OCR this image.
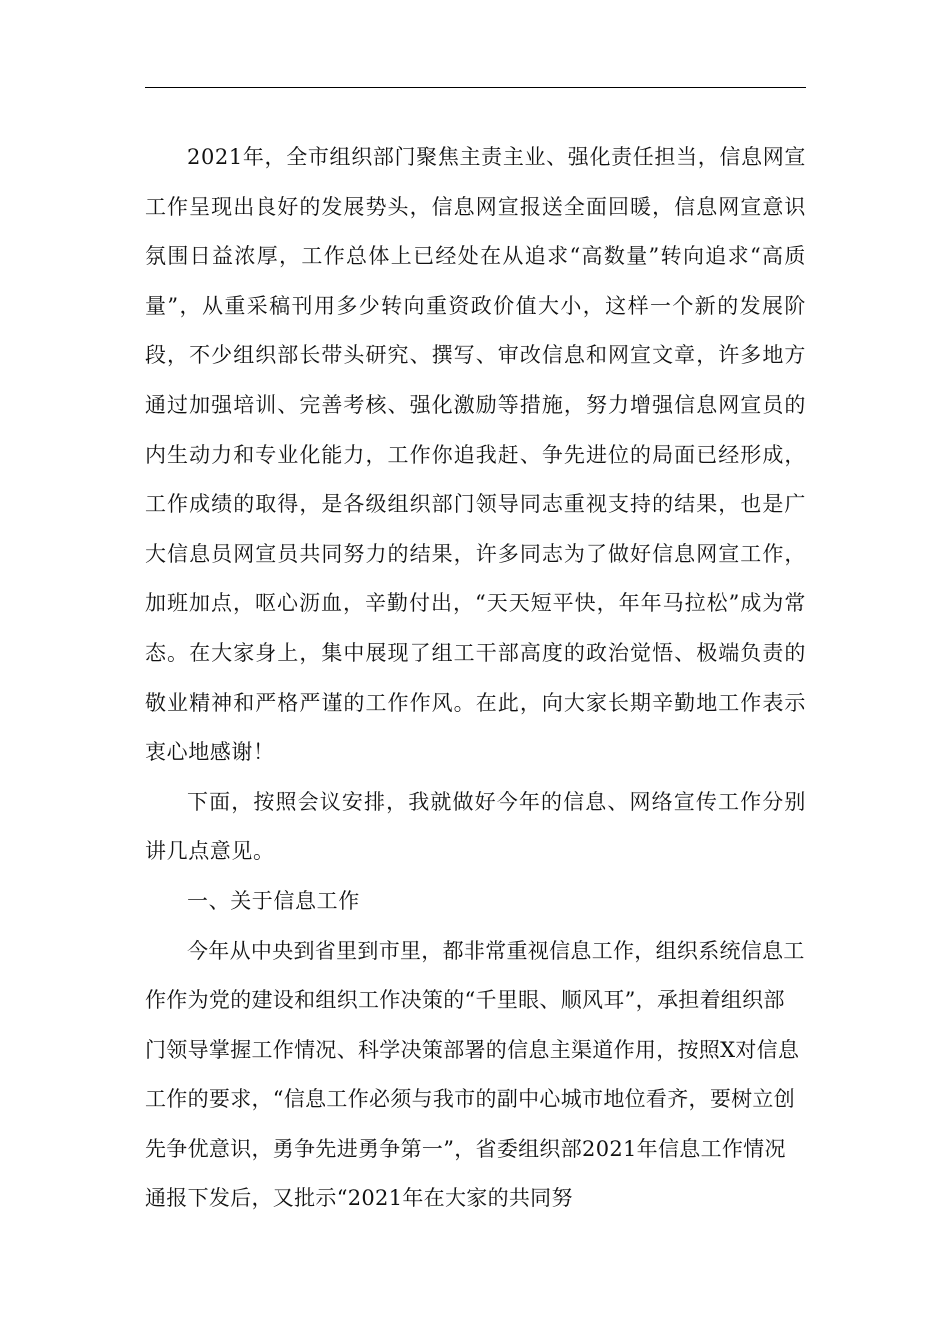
2021年，全市组织部门聚焦主责主业、强化责任担当，信息网宣工作呈现出良好的发展势头，信息网宣报送全面回暖，信息网宣意识氛围日益浓厚，工作总体上已经处在从追求“高数量”转向追求“高质量”，从重采稿刊用多少转向重资政价值大小，这样一个新的发展阶段，不少组织部长带头研究、撰写、审改信息和网宣文章，许多地方通过加强培训、完善考核、强化激励等措施，努力增强信息网宣员的内生动力和专业化能力，工作你追我赶、争先进位的局面已经形成，工作成绩的取得，是各级组织部门领导同志重视支持的结果，也是广大信息员网宣员共同努力的结果，许多同志为了做好信息网宣工作，加班加点，呕心沥血，辛勤付出，“天天短平快，年年马拉松”成为常态。在大家身上，集中展现了组工干部高度的政治觉悟、极端负责的敬业精神和严格严谨的工作作风。在此，向大家长期辛勤地工作表示衷心地感谢！

下面，按照会议安排，我就做好今年的信息、网络宣传工作分别讲几点意见。

一、关于信息工作

今年从中央到省里到市里，都非常重视信息工作，组织系统信息工作作为党的建设和组织工作决策的“千里眼、顺风耳”，承担着组织部门领导掌握工作情况、科学决策部署的信息主渠道作用，按照X对信息工作的要求，“信息工作必须与我市的副中心城市地位看齐，要树立创先争优意识，勇争先进勇争第一”，省委组织部2021年信息工作情况通报下发后，又批示“2021年在大家的共同努
